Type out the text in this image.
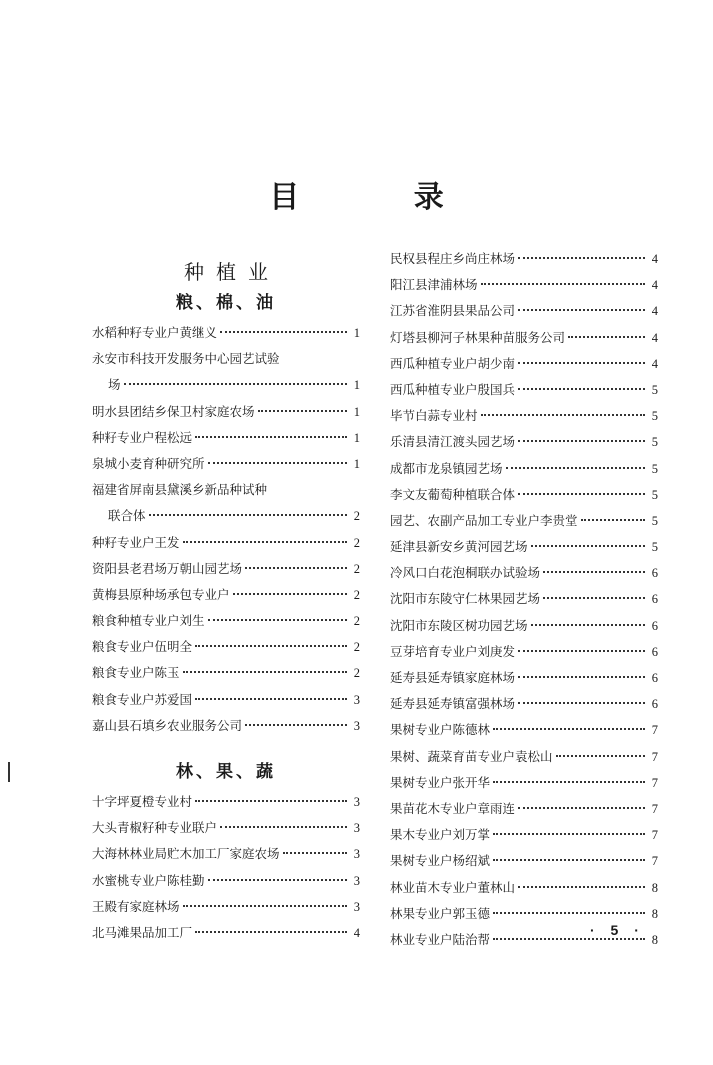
目 录
种植业
粮、棉、油
水稻种籽专业户黄继义	1
永安市科技开发服务中心园艺试验
场	1
明水县团结乡保卫村家庭农场	1
种籽专业户程松远	1
泉城小麦育种研究所	1
福建省屏南县黛溪乡新品种试种
联合体	2
种籽专业户王发	2
资阳县老君场万朝山园艺场	2
黄梅县原种场承包专业户	2
粮食种植专业户刘生	2
粮食专业户伍明全	2
粮食专业户陈玉	2
粮食专业户苏爱国	3
嘉山县石填乡农业服务公司	3
林、果、蔬
十字坪夏橙专业村	3
大头青椒籽种专业联户	3
大海林林业局贮木加工厂家庭农场	3
水蜜桃专业户陈桂勤	3
王殿有家庭林场	3
北马滩果品加工厂	4
民权县程庄乡尚庄林场	4
阳江县津浦林场	4
江苏省淮阴县果品公司	4
灯塔县柳河子林果种苗服务公司	4
西瓜种植专业户胡少南	4
西瓜种植专业户殷国兵	5
毕节白蒜专业村	5
乐清县清江渡头园艺场	5
成都市龙泉镇园艺场	5
李文友葡萄种植联合体	5
园艺、农副产品加工专业户李贵堂	5
延津县新安乡黄河园艺场	5
冷风口白花泡桐联办试验场	6
沈阳市东陵守仁林果园艺场	6
沈阳市东陵区树功园艺场	6
豆芽培育专业户刘庚发	6
延寿县延寿镇家庭林场	6
延寿县延寿镇富强林场	6
果树专业户陈德林	7
果树、蔬菜育苗专业户袁松山	7
果树专业户张开华	7
果苗花木专业户章雨连	7
果木专业户刘万掌	7
果树专业户杨绍斌	7
林业苗木专业户董林山	8
林果专业户郭玉德	8
林业专业户陆治帮	8
· 5 ·
